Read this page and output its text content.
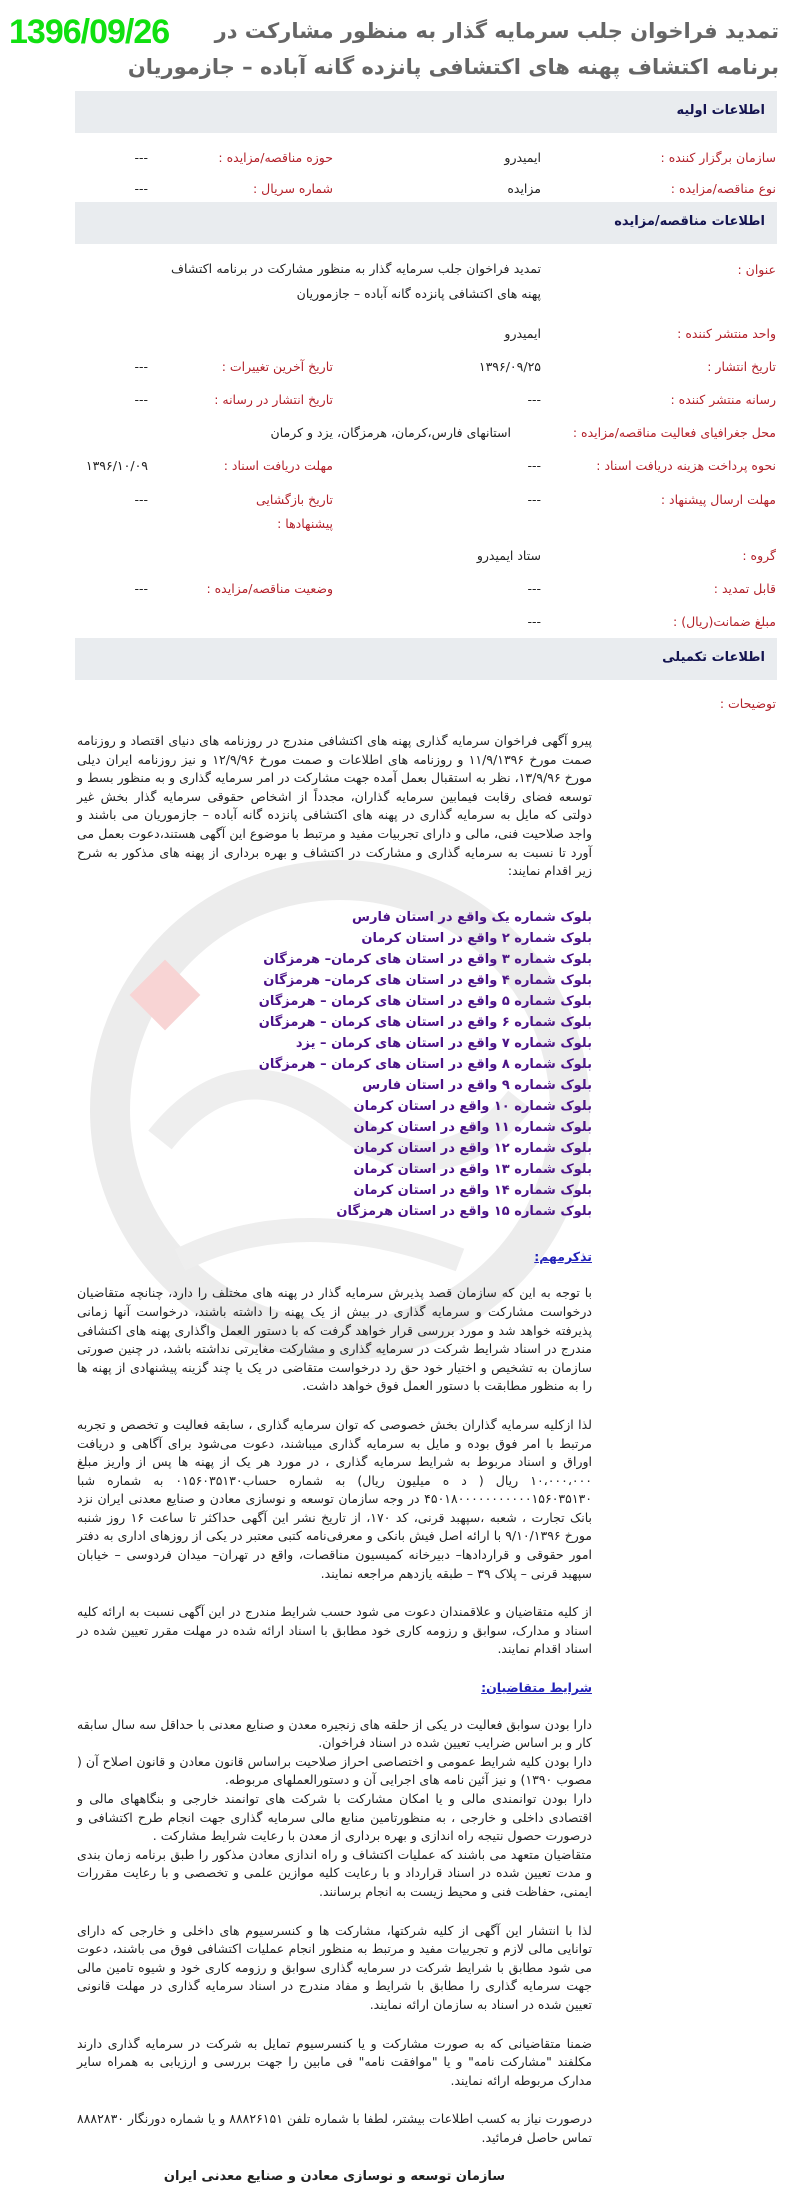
1396/09/26 تمدید فراخوان جلب سرمایه گذار به منظور مشارکت در برنامه اکتشاف پهنه های اکتشافی پانزده گانه آباده – جازموریان
اطلاعات اولیه
سازمان برگزار کننده :
ایمیدرو
حوزه مناقصه/مزایده :
---
نوع مناقصه/مزایده :
مزایده
شماره سریال :
---
اطلاعات مناقصه/مزایده
عنوان :
تمدید فراخوان جلب سرمایه گذار به منظور مشارکت در برنامه اکتشاف پهنه های اکتشافی پانزده گانه آباده – جازموریان
واحد منتشر کننده :
ایمیدرو
تاریخ انتشار :
۱۳۹۶/۰۹/۲۵
تاریخ آخرین تغییرات :
---
رسانه منتشر کننده :
---
تاریخ انتشار در رسانه :
---
محل جغرافیای فعالیت مناقصه/مزایده :
استانهای فارس،کرمان، هرمزگان، یزد و کرمان
نحوه پرداخت هزینه دریافت اسناد :
---
مهلت دریافت اسناد :
۱۳۹۶/۱۰/۰۹
مهلت ارسال پیشنهاد :
---
تاریخ بازگشایی
پیشنهادها :
---
گروه :
ستاد ایمیدرو
قابل تمدید :
---
وضعیت مناقصه/مزایده :
---
مبلغ ضمانت(ریال) :
---
اطلاعات تکمیلی
توضیحات :

پیرو آگهی فراخوان سرمایه گذاری پهنه های اکتشافی مندرج در روزنامه های دنیای اقتصاد و روزنامه صمت مورخ ۱۱/۹/۱۳۹۶ و روزنامه های اطلاعات و صمت مورخ ۱۲/۹/۹۶ و نیز روزنامه ایران دیلی مورخ ۱۳/۹/۹۶، نظر به استقبال بعمل آمده جهت مشارکت در امر سرمایه گذاری و به منظور بسط و توسعه فضای رقابت فیمابین سرمایه گذاران، مجدداً از اشخاص حقوقی سرمایه گذار بخش غیر دولتی که مایل به سرمایه گذاری در پهنه های اکتشافی پانزده گانه آباده – جازموریان می باشند و واجد صلاحیت فنی، مالی و دارای تجربیات مفید و مرتبط با موضوع این آگهی هستند،دعوت بعمل می آورد تا نسبت به سرمایه گذاری و مشارکت در اکتشاف و بهره برداری از پهنه های مذکور به شرح زیر اقدام نمایند:

بلوک شماره یک واقع در استان فارس
بلوک شماره ۲ واقع در استان کرمان
بلوک شماره ۳ واقع در استان های کرمان– هرمزگان
بلوک شماره ۴ واقع در استان های کرمان– هرمزگان
بلوک شماره ۵ واقع در استان های کرمان – هرمزگان
بلوک شماره ۶ واقع در استان های کرمان – هرمزگان
بلوک شماره ۷ واقع در استان های کرمان – یزد
بلوک شماره ۸ واقع در استان های کرمان – هرمزگان
بلوک شماره ۹ واقع در استان فارس
بلوک شماره ۱۰ واقع در استان کرمان
بلوک شماره ۱۱ واقع در استان کرمان
بلوک شماره ۱۲ واقع در استان کرمان
بلوک شماره ۱۳ واقع در استان کرمان
بلوک شماره ۱۴ واقع در استان کرمان
بلوک شماره ۱۵ واقع در استان هرمزگان
تذکرمهم:

با توجه به این که سازمان قصد پذیرش سرمایه گذار در پهنه های مختلف را دارد، چنانچه متقاضیان درخواست مشارکت و سرمایه گذاری در بیش از یک پهنه را داشته باشند، درخواست آنها زمانی پذیرفته خواهد شد و مورد بررسی قرار خواهد گرفت که با دستور العمل واگذاری پهنه های اکتشافی مندرج در اسناد شرایط شرکت در سرمایه گذاری و مشارکت مغایرتی نداشته باشد، در چنین صورتی سازمان به تشخیص و اختیار خود حق رد درخواست متقاضی در یک یا چند گزینه پیشنهادی از پهنه ها را به منظور مطابقت با دستور العمل فوق خواهد داشت.

لذا ازکلیه سرمایه گذاران بخش خصوصی که توان سرمایه گذاری ، سابقه فعالیت و تخصص و تجربه مرتبط با امر فوق بوده و مایل به سرمایه گذاری میباشند، دعوت می‌شود برای آگاهی و دریافت اوراق و اسناد مربوط به شرایط سرمایه گذاری ، در مورد هر یک از پهنه ها پس از واریز مبلغ ۱۰،۰۰۰،۰۰۰ ریال ( د ه میلیون ریال) به شماره حساب۰۱۵۶۰۳۵۱۳۰ به شماره شبا ۴۵۰۱۸۰۰۰۰۰۰۰۰۰۰۰۱۵۶۰۳۵۱۳۰ در وجه سازمان توسعه و نوسازی معادن و صنایع معدنی ایران نزد بانک تجارت ، شعبه ،سپهبد قرنی، کد ۱۷۰، از تاریخ نشر این آگهی حداکثر تا ساعت ۱۶ روز شنبه مورخ ۹/۱۰/۱۳۹۶ با ارائه اصل فیش بانکی و معرفی‌نامه کتبی معتبر در یکی از روزهای اداری به دفتر امور حقوقی و قراردادها– دبیرخانه کمیسیون مناقصات، واقع در تهران– میدان فردوسی – خیابان سپهبد قرنی – پلاک ۳۹ – طبقه یازدهم مراجعه نمایند.

از کلیه متقاضیان و علاقمندان دعوت می شود حسب شرایط مندرج در این آگهی نسبت به ارائه کلیه اسناد و مدارک، سوابق و رزومه کاری خود مطابق با اسناد ارائه شده در مهلت مقرر تعیین شده در اسناد اقدام نمایند.

شرایط متقاضیان:

دارا بودن سوابق فعالیت در یکی از حلقه های زنجیره معدن و صنایع معدنی با حداقل سه سال سابقه کار و بر اساس ضرایب تعیین شده در اسناد فراخوان.

دارا بودن کلیه شرایط عمومی و اختصاصی احراز صلاحیت براساس قانون معادن و قانون اصلاح آن ( مصوب ۱۳۹۰) و نیز آئین نامه های اجرایی آن و دستورالعملهای مربوطه.

دارا بودن توانمندی مالی و یا امکان مشارکت با شرکت های توانمند خارجی و بنگاههای مالی و اقتصادی داخلی و خارجی ، به منظورتامین منابع مالی سرمایه گذاری جهت انجام طرح اکتشافی و درصورت حصول نتیجه راه اندازی و بهره برداری از معدن با رعایت شرایط مشارکت .

متقاضیان متعهد می باشند که عملیات اکتشاف و راه اندازی معادن مذکور را طبق برنامه زمان بندی و مدت تعیین شده در اسناد قرارداد و با رعایت کلیه موازین علمی و تخصصی و با رعایت مقررات ایمنی، حفاظت فنی و محیط زیست به انجام برسانند.

لذا با انتشار این آگهی از کلیه شرکتها، مشارکت ها و کنسرسیوم های داخلی و خارجی که دارای توانایی مالی لازم و تجربیات مفید و مرتبط به منظور انجام عملیات اکتشافی فوق می باشند، دعوت می شود مطابق با شرایط شرکت در سرمایه گذاری سوابق و رزومه کاری خود و شیوه تامین مالی جهت سرمایه گذاری را مطابق با شرایط و مفاد مندرج در اسناد سرمایه گذاری در مهلت قانونی تعیین شده در اسناد به سازمان ارائه نمایند.

ضمنا متقاضیانی که به صورت مشارکت و یا کنسرسیوم تمایل به شرکت در سرمایه گذاری دارند مکلفند "مشارکت نامه" و یا "موافقت نامه" فی مابین را جهت بررسی و ارزیابی به همراه سایر مدارک مربوطه ارائه نمایند.

درصورت نیاز به کسب اطلاعات بیشتر، لطفا با شماره تلفن ۸۸۸۲۶۱۵۱ و یا شماره دورنگار ۸۸۸۲۸۳۰ تماس حاصل فرمائید.

سازمان توسعه و نوسازی معادن و صنایع معدنی ایران
